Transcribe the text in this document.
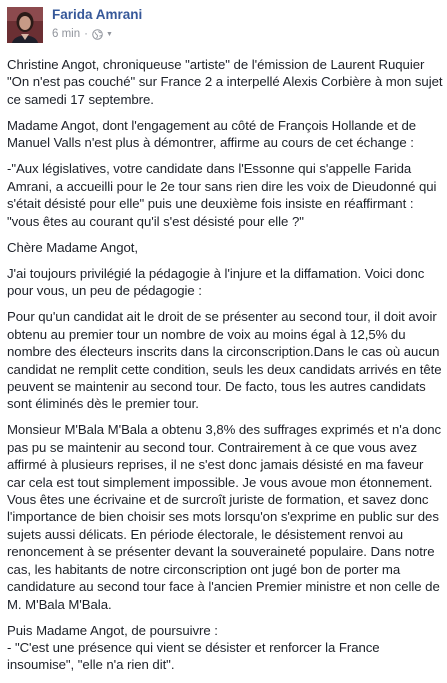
Farida Amrani
6 min ·	▼

Christine Angot, chroniqueuse "artiste" de l'émission de Laurent Ruquier "On n'est pas couché" sur France 2 a interpellé Alexis Corbière à mon sujet ce samedi 17 septembre.

Madame Angot, dont l'engagement au côté de François Hollande et de Manuel Valls n'est plus à démontrer, affirme au cours de cet échange :

-"Aux législatives, votre candidate dans l'Essonne qui s'appelle Farida Amrani, a accueilli pour le 2e tour sans rien dire les voix de Dieudonné qui s'était désisté pour elle" puis une deuxième fois insiste en réaffirmant : "vous êtes au courant qu'il s'est désisté pour elle ?"

Chère Madame Angot,

J'ai toujours privilégié la pédagogie à l'injure et la diffamation. Voici donc pour vous, un peu de pédagogie :

Pour qu'un candidat ait le droit de se présenter au second tour, il doit avoir obtenu au premier tour un nombre de voix au moins égal à 12,5% du nombre des électeurs inscrits dans la circonscription.Dans le cas où aucun candidat ne remplit cette condition, seuls les deux candidats arrivés en tête peuvent se maintenir au second tour. De facto, tous les autres candidats sont éliminés dès le premier tour.

Monsieur M'Bala M'Bala a obtenu 3,8% des suffrages exprimés et n'a donc pas pu se maintenir au second tour. Contrairement à ce que vous avez affirmé à plusieurs reprises, il ne s'est donc jamais désisté en ma faveur car cela est tout simplement impossible. Je vous avoue mon étonnement. Vous êtes une écrivaine et de surcroît juriste de formation, et savez donc l'importance de bien choisir ses mots lorsqu'on s'exprime en public sur des sujets aussi délicats. En période électorale, le désistement renvoi au renoncement à se présenter devant la souveraineté populaire. Dans notre cas, les habitants de notre circonscription ont jugé bon de porter ma candidature au second tour face à l'ancien Premier ministre et non celle de M. M'Bala M'Bala.

Puis Madame Angot, de poursuivre :
- "C'est une présence qui vient se désister et renforcer la France insoumise", "elle n'a rien dit".
